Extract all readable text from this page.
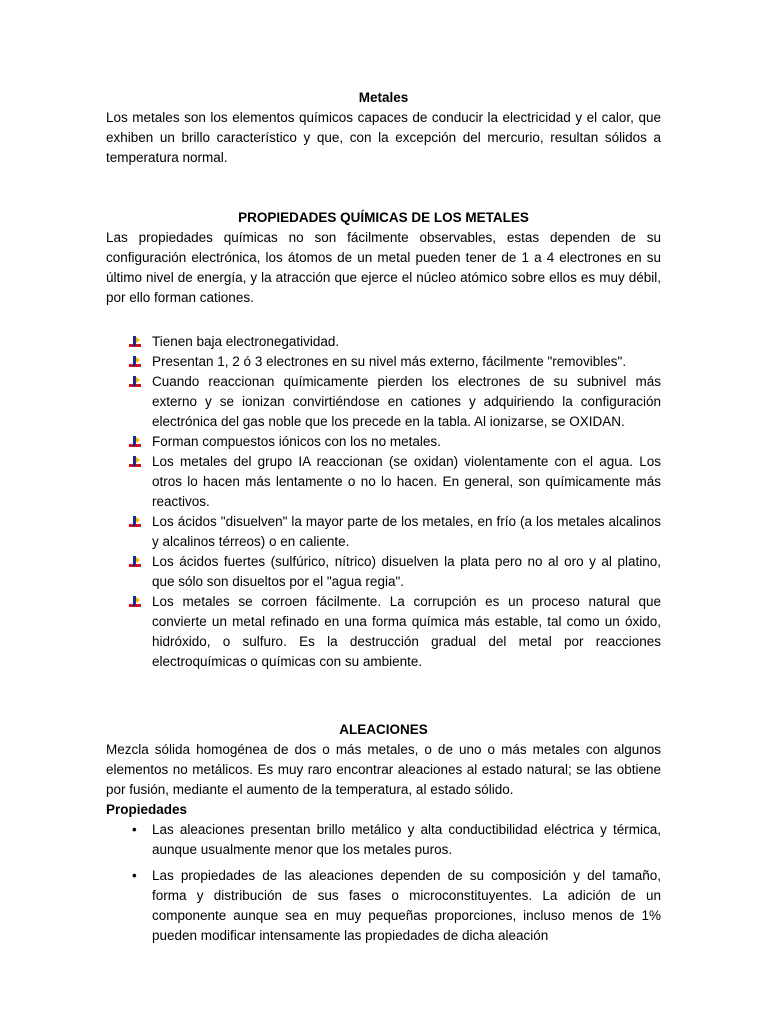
Metales

Los metales son los elementos químicos capaces de conducir la electricidad y el calor, que exhiben un brillo característico y que, con la excepción del mercurio, resultan sólidos a temperatura normal.

PROPIEDADES QUÍMICAS DE LOS METALES

Las propiedades químicas no son fácilmente observables, estas dependen de su configuración electrónica, los átomos de un metal pueden tener de 1 a 4 electrones en su último nivel de energía, y la atracción que ejerce el núcleo atómico sobre ellos es muy débil, por ello forman cationes.

Tienen baja electronegatividad.
Presentan 1, 2 ó 3 electrones en su nivel más externo, fácilmente "removibles".
Cuando reaccionan químicamente pierden los electrones de su subnivel más externo y se ionizan convirtiéndose en cationes y adquiriendo la configuración electrónica del gas noble que los precede en la tabla. Al ionizarse, se OXIDAN.
Forman compuestos iónicos con los no metales.
Los metales del grupo IA reaccionan (se oxidan) violentamente con el agua. Los otros lo hacen más lentamente o no lo hacen. En general, son químicamente más reactivos.
Los ácidos "disuelven" la mayor parte de los metales, en frío (a los metales alcalinos y alcalinos térreos) o en caliente.
Los ácidos fuertes (sulfúrico, nítrico) disuelven la plata pero no al oro y al platino, que sólo son disueltos por el "agua regia".
Los metales se corroen fácilmente. La corrupción es un proceso natural que convierte un metal refinado en una forma química más estable, tal como un óxido, hidróxido, o sulfuro. Es la destrucción gradual del metal por reacciones electroquímicas o químicas con su ambiente.

ALEACIONES

Mezcla sólida homogénea de dos o más metales, o de uno o más metales con algunos elementos no metálicos. Es muy raro encontrar aleaciones al estado natural; se las obtiene por fusión, mediante el aumento de la temperatura, al estado sólido.

Propiedades

• Las aleaciones presentan brillo metálico y alta conductibilidad eléctrica y térmica, aunque usualmente menor que los metales puros.
• Las propiedades de las aleaciones dependen de su composición y del tamaño, forma y distribución de sus fases o microconstituyentes. La adición de un componente aunque sea en muy pequeñas proporciones, incluso menos de 1% pueden modificar intensamente las propiedades de dicha aleación
